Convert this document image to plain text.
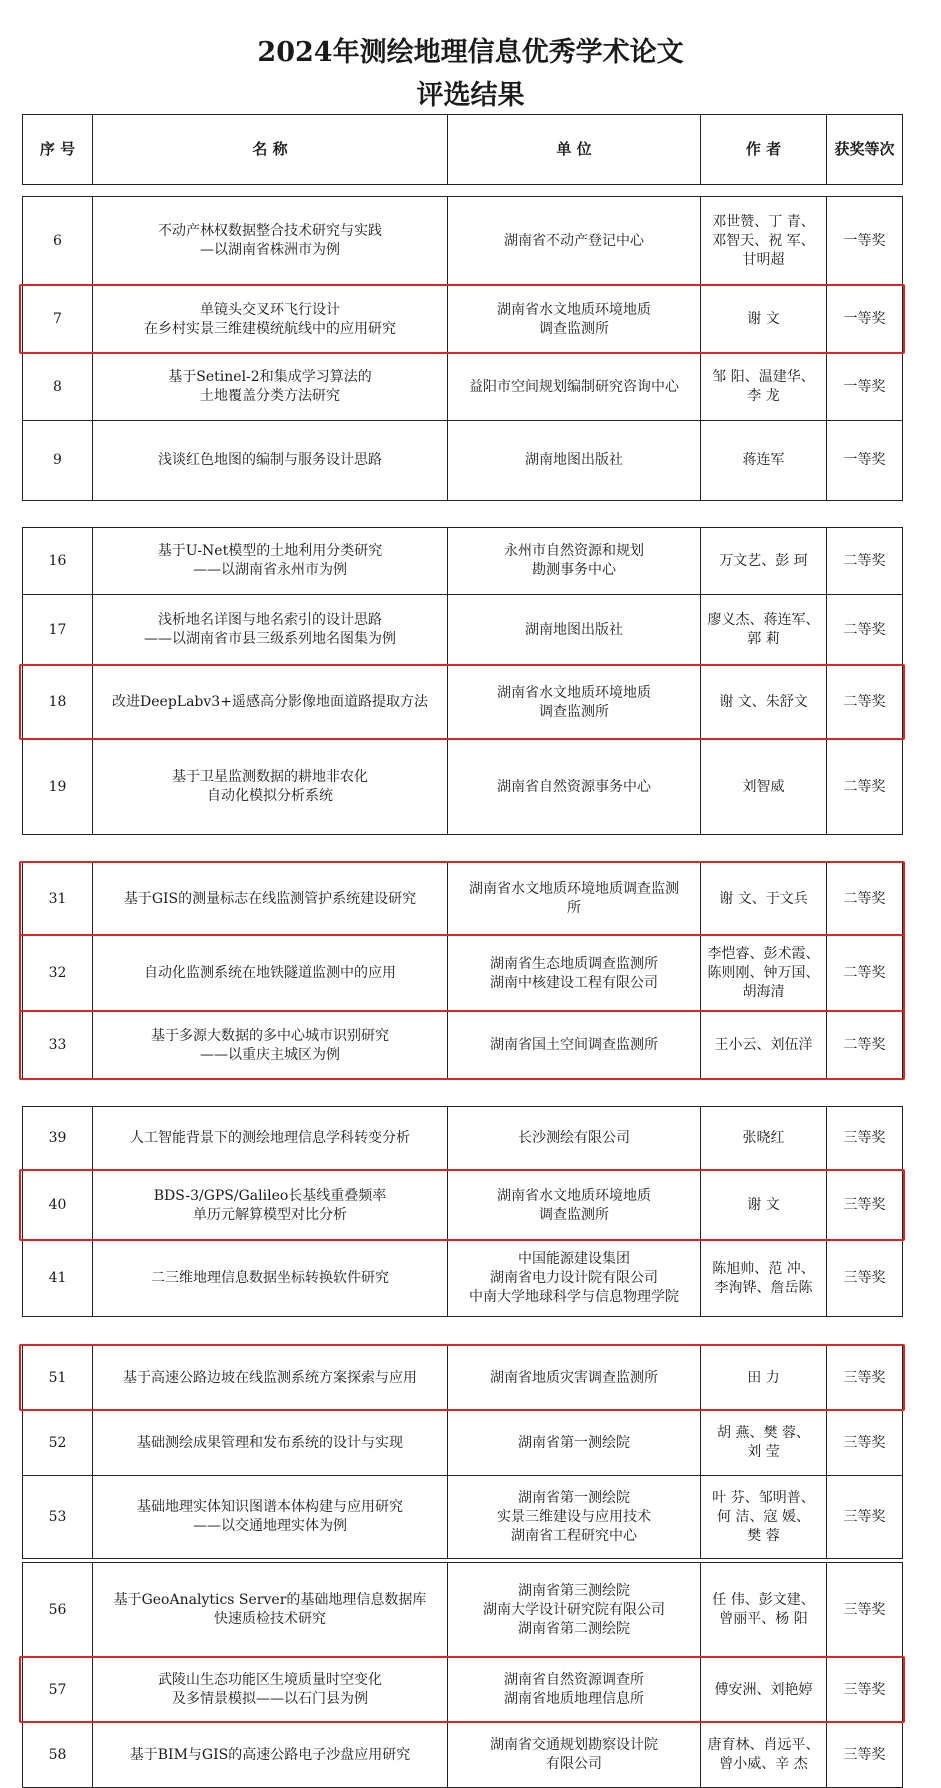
2024年测绘地理信息优秀学术论文
评选结果
序 号	名 称	单 位	作 者	获奖等次
56	基于GeoAnalytics Server的基础地理信息数据库
快速质检技术研究	湖南省第三测绘院
湖南大学设计研究院有限公司
湖南省第二测绘院	任 伟、彭文建、
曾丽平、杨 阳	三等奖
57	武陵山生态功能区生境质量时空变化
及多情景模拟——以石门县为例	湖南省自然资源调查所
湖南省地质地理信息所	傅安洲、刘艳婷	三等奖
58	基于BIM与GIS的高速公路电子沙盘应用研究	湖南省交通规划勘察设计院
有限公司	唐育林、肖远平、
曾小威、辛 杰	三等奖
51	基于高速公路边坡在线监测系统方案探索与应用	湖南省地质灾害调查监测所	田 力	三等奖
52	基础测绘成果管理和发布系统的设计与实现	湖南省第一测绘院	胡 燕、樊 蓉、
刘 莹	三等奖
53	基础地理实体知识图谱本体构建与应用研究
——以交通地理实体为例	湖南省第一测绘院
实景三维建设与应用技术
湖南省工程研究中心	叶 芬、邹明普、
何 洁、寇 媛、
樊 蓉	三等奖
39	人工智能背景下的测绘地理信息学科转变分析	长沙测绘有限公司	张晓红	三等奖
40	BDS-3/GPS/Galileo长基线重叠频率
单历元解算模型对比分析	湖南省水文地质环境地质
调查监测所	谢 文	三等奖
41	二三维地理信息数据坐标转换软件研究	中国能源建设集团
湖南省电力设计院有限公司
中南大学地球科学与信息物理学院	陈旭帅、范 冲、
李洵铧、詹岳陈	三等奖
31	基于GIS的测量标志在线监测管护系统建设研究	湖南省水文地质环境地质调查监测
所	谢 文、于文兵	二等奖
32	自动化监测系统在地铁隧道监测中的应用	湖南省生态地质调查监测所
湖南中核建设工程有限公司	李恺睿、彭术霞、
陈则刚、钟万国、
胡海清	二等奖
33	基于多源大数据的多中心城市识别研究
——以重庆主城区为例	湖南省国土空间调查监测所	王小云、刘伍洋	二等奖
16	基于U-Net模型的土地利用分类研究
——以湖南省永州市为例	永州市自然资源和规划
勘测事务中心	万文艺、彭 珂	二等奖
17	浅析地名详图与地名索引的设计思路
——以湖南省市县三级系列地名图集为例	湖南地图出版社	廖义杰、蒋连军、
郭 莉	二等奖
18	改进DeepLabv3+遥感高分影像地面道路提取方法	湖南省水文地质环境地质
调查监测所	谢 文、朱舒文	二等奖
19	基于卫星监测数据的耕地非农化
自动化模拟分析系统	湖南省自然资源事务中心	刘智威	二等奖
6	不动产林权数据整合技术研究与实践
—以湖南省株洲市为例	湖南省不动产登记中心	邓世赞、丁 青、
邓智天、祝 军、
甘明超	一等奖
7	单镜头交叉环飞行设计
在乡村实景三维建模统航线中的应用研究	湖南省水文地质环境地质
调查监测所	谢 文	一等奖
8	基于Setinel-2和集成学习算法的
土地覆盖分类方法研究	益阳市空间规划编制研究咨询中心	邹 阳、温建华、
李 龙	一等奖
9	浅谈红色地图的编制与服务设计思路	湖南地图出版社	蒋连军	一等奖
